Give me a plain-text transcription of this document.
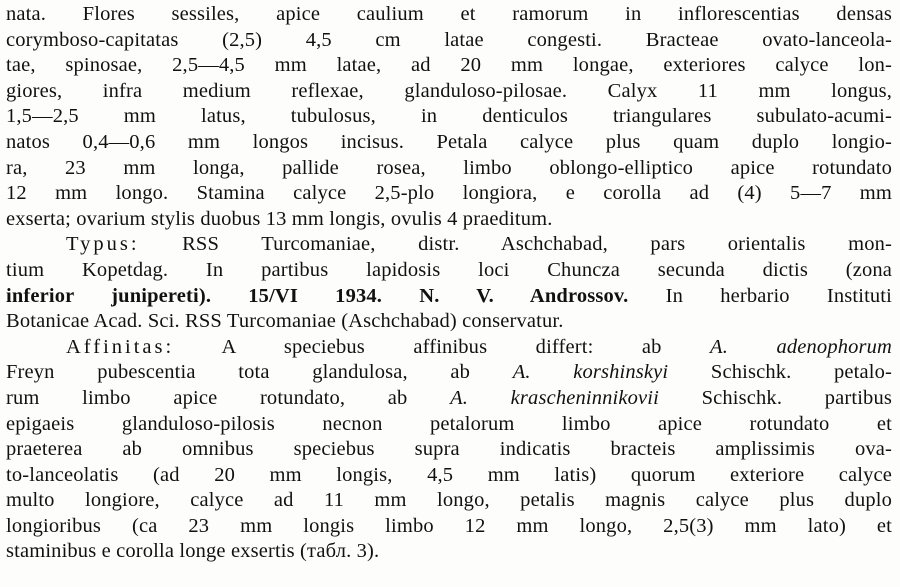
nata. Flores sessiles, apice caulium et ramorum in inflorescentias densas
corymboso-capitatas (2,5) 4,5 cm latae congesti. Bracteae ovato-lanceola-
tae, spinosae, 2,5—4,5 mm latae, ad 20 mm longae, exteriores calyce lon-
giores, infra medium reflexae, glanduloso-pilosae. Calyx 11 mm longus,
1,5—2,5 mm latus, tubulosus, in denticulos triangulares subulato-acumi-
natos 0,4—0,6 mm longos incisus. Petala calyce plus quam duplo longio-
ra, 23 mm longa, pallide rosea, limbo oblongo-elliptico apice rotundato
12 mm longo. Stamina calyce 2,5-plo longiora, e corolla ad (4) 5—7 mm
exserta; ovarium stylis duobus 13 mm longis, ovulis 4 praeditum.
Typus: RSS Turcomaniae, distr. Aschchabad, pars orientalis mon-
tium Kopetdag. In partibus lapidosis loci Chuncza secunda dictis (zona
inferior junipereti). 15/VI 1934. N. V. Androssov. In herbario Instituti
Botanicae Acad. Sci. RSS Turcomaniae (Aschchabad) conservatur.
Affinitas: A speciebus affinibus differt: ab A. adenophorum
Freyn pubescentia tota glandulosa, ab A. korshinskyi Schischk. petalo-
rum limbo apice rotundato, ab A. krascheninnikovii Schischk. partibus
epigaeis glanduloso-pilosis necnon petalorum limbo apice rotundato et
praeterea ab omnibus speciebus supra indicatis bracteis amplissimis ova-
to-lanceolatis (ad 20 mm longis, 4,5 mm latis) quorum exteriore calyce
multo longiore, calyce ad 11 mm longo, petalis magnis calyce plus duplo
longioribus (ca 23 mm longis limbo 12 mm longo, 2,5(3) mm lato) et
staminibus e corolla longe exsertis (табл. 3).
